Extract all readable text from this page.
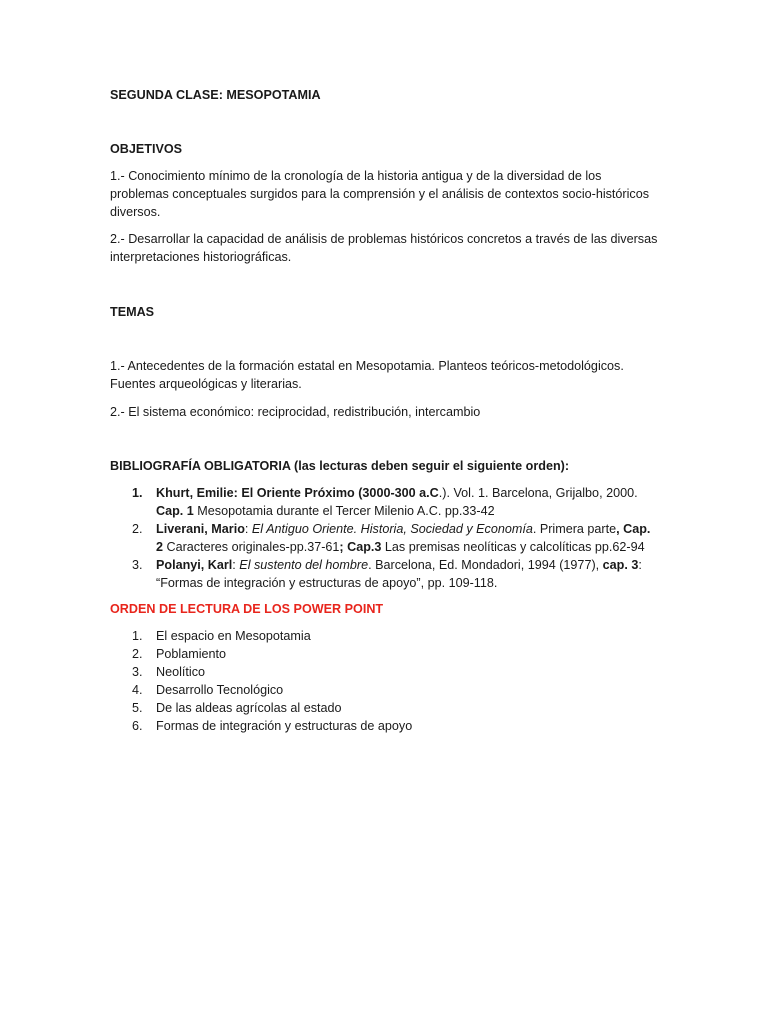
SEGUNDA CLASE: MESOPOTAMIA

OBJETIVOS

1.- Conocimiento mínimo de la cronología de la historia antigua y de la diversidad de los problemas conceptuales surgidos para la comprensión y el análisis de contextos socio-históricos diversos.

2.- Desarrollar la capacidad de análisis de problemas históricos concretos a través de las diversas interpretaciones historiográficas.

TEMAS

1.- Antecedentes de la formación estatal en Mesopotamia. Planteos teóricos-metodológicos. Fuentes arqueológicas y literarias.

2.- El sistema económico: reciprocidad, redistribución, intercambio

BIBLIOGRAFÍA OBLIGATORIA (las lecturas deben seguir el siguiente orden):

1. Khurt, Emilie: El Oriente Próximo (3000-300 a.C.). Vol. 1. Barcelona, Grijalbo, 2000.
Cap. 1 Mesopotamia durante el Tercer Milenio A.C. pp.33-42
2. Liverani, Mario: El Antiguo Oriente. Historia, Sociedad y Economía. Primera parte, Cap.
2 Caracteres originales-pp.37-61; Cap.3 Las premisas neolíticas y calcolíticas pp.62-94
3. Polanyi, Karl: El sustento del hombre. Barcelona, Ed. Mondadori, 1994 (1977), cap. 3:
“Formas de integración y estructuras de apoyo”, pp. 109-118.

ORDEN DE LECTURA DE LOS POWER POINT

1. El espacio en Mesopotamia
2. Poblamiento
3. Neolítico
4. Desarrollo Tecnológico
5. De las aldeas agrícolas al estado
6. Formas de integración y estructuras de apoyo
